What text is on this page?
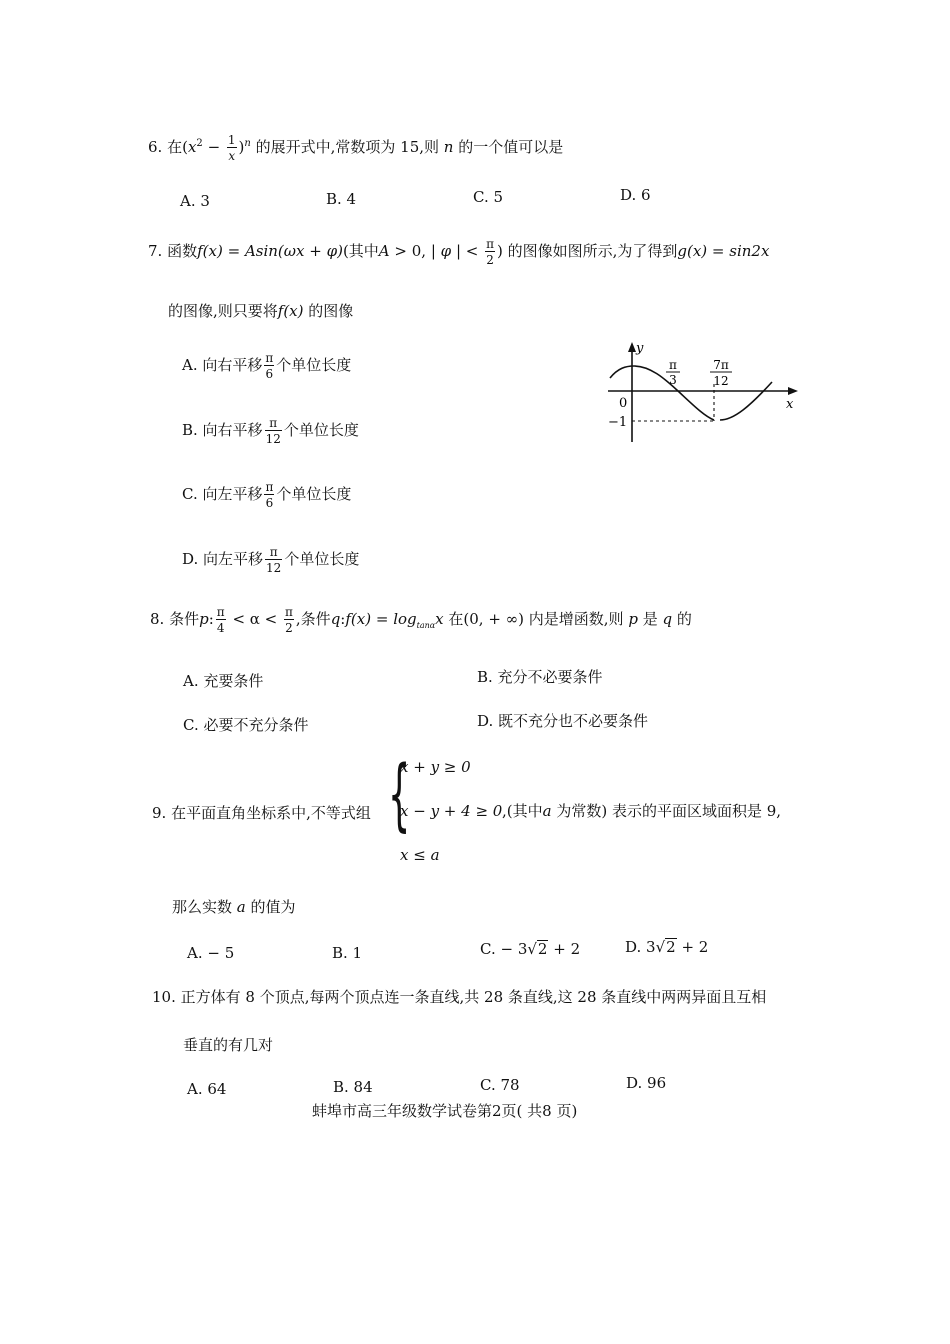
6. 在$(x^2 - \frac{1}{x} )^n$ 的展开式中,常数项为 15,则 n 的一个值可以是
A. 3	B. 4	C. 5	D. 6
7. 函数f(x) = Asin(ωx + φ)(其中A > 0, | φ | < $\frac{\pi}{2}$ ) 的图像如图所示,为了得到g(x) = sin2x
的图像,则只要将f(x) 的图像
A. 向右平移 $\frac{\pi}{6}$ 个单位长度
B. 向右平移 $\frac{\pi}{12}$ 个单位长度
C. 向左平移 $\frac{\pi}{6}$ 个单位长度
D. 向左平移 $\frac{\pi}{12}$ 个单位长度
y
x
0
−1
π
3
7π
12
8. 条件p: $\frac{\pi}{4} < \alpha < \frac{\pi}{2}$ ,条件q:f(x) = $\log_{tan\alpha}x$ 在(0, + ∞) 内是增函数,则 p 是 q 的
A. 充要条件	B. 充分不必要条件
C. 必要不充分条件	D. 既不充分也不必要条件
9. 在平面直角坐标系中,不等式组 {
x + y ≥ 0
x − y + 4 ≥ 0
x ≤ a
,(其中a 为常数) 表示的平面区域面积是 9,
那么实数 a 的值为
A. − 5	B. 1	C. − 3√2 + 2	D. 3√2 + 2
10. 正方体有 8 个顶点,每两个顶点连一条直线,共 28 条直线,这 28 条直线中两两异面且互相
垂直的有几对
A. 64	B. 84	C. 78	D. 96
蚌埠市高三年级数学试卷第2页( 共8 页)
